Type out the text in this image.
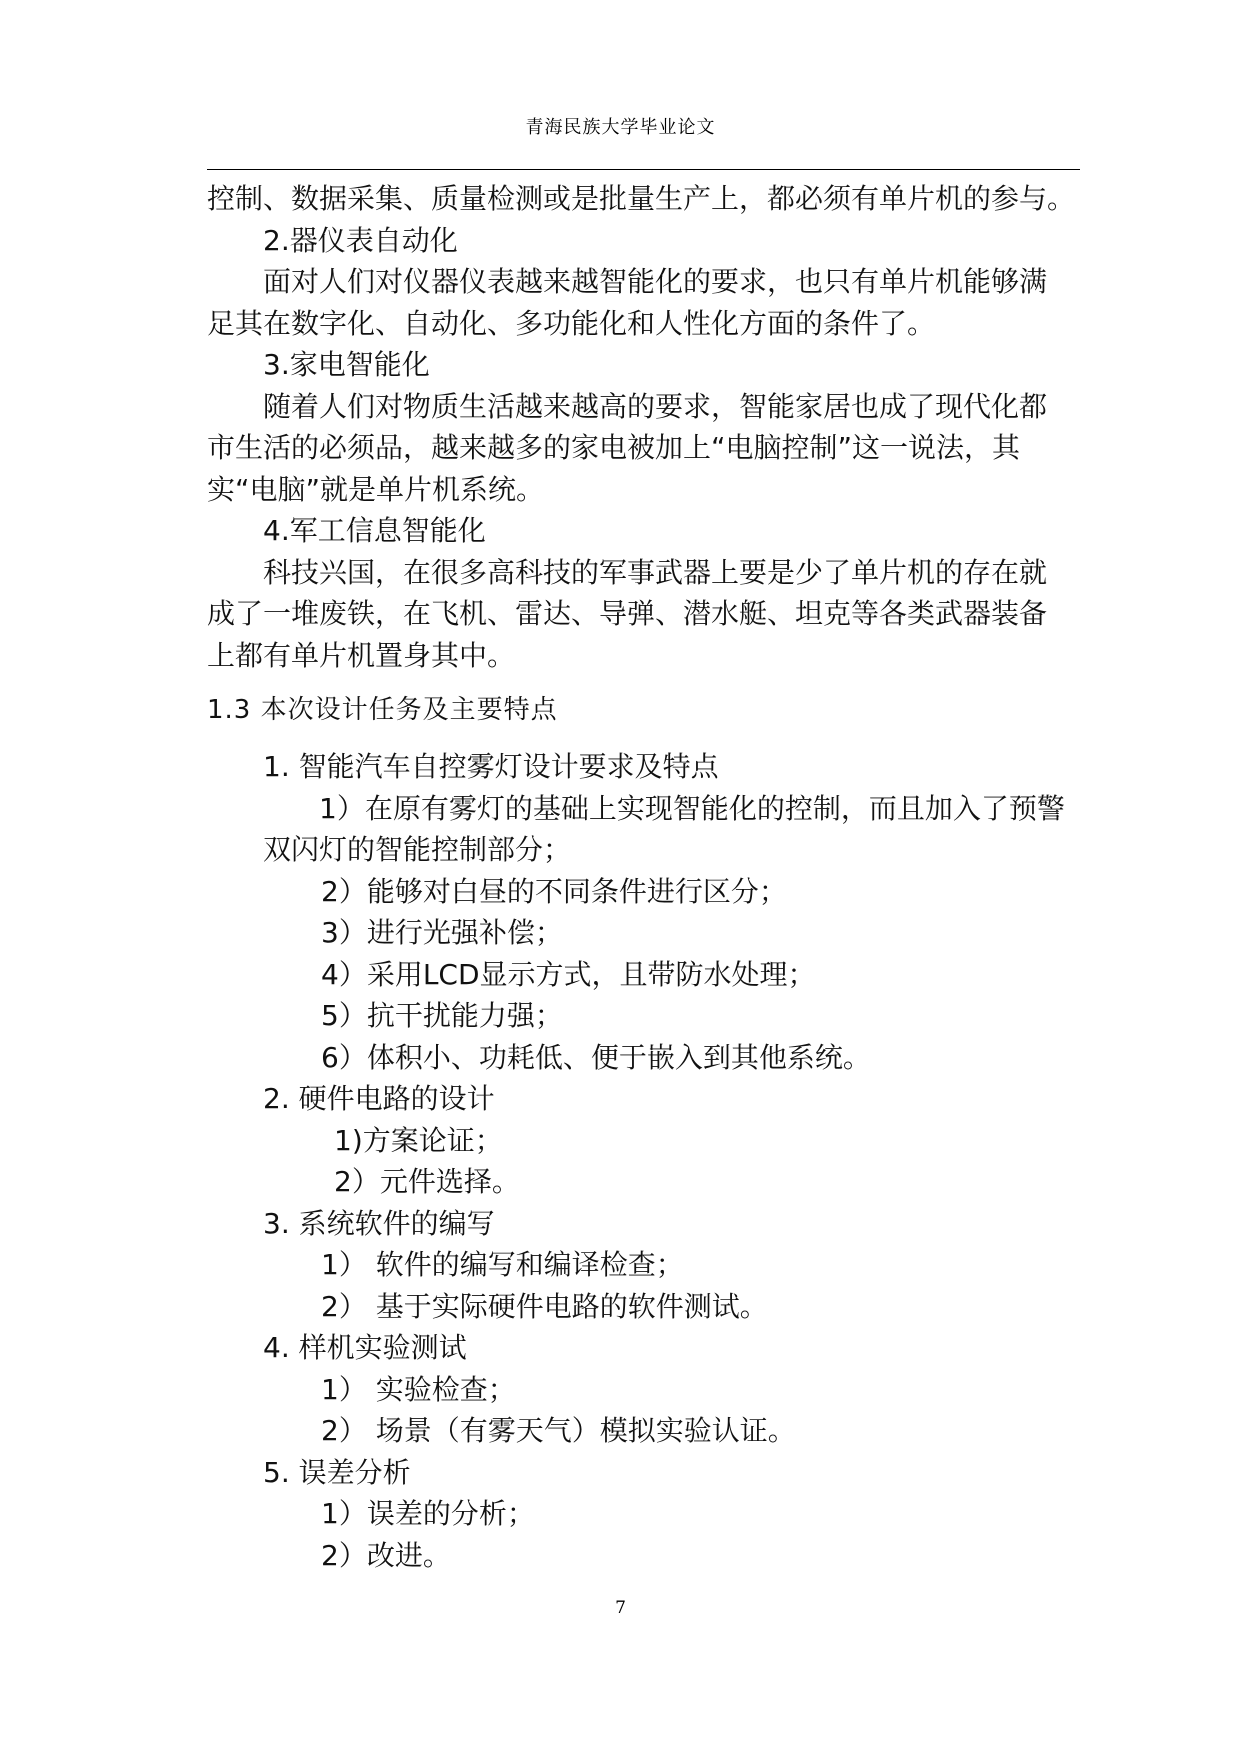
青海民族大学毕业论文
控制、数据采集、质量检测或是批量生产上，都必须有单片机的参与。
2.器仪表自动化
面对人们对仪器仪表越来越智能化的要求，也只有单片机能够满
足其在数字化、自动化、多功能化和人性化方面的条件了。
3.家电智能化
随着人们对物质生活越来越高的要求，智能家居也成了现代化都
市生活的必须品，越来越多的家电被加上“电脑控制”这一说法，其
实“电脑”就是单片机系统。
4.军工信息智能化
科技兴国，在很多高科技的军事武器上要是少了单片机的存在就
成了一堆废铁，在飞机、雷达、导弹、潜水艇、坦克等各类武器装备
上都有单片机置身其中。
1.3 本次设计任务及主要特点
1. 智能汽车自控雾灯设计要求及特点
1）在原有雾灯的基础上实现智能化的控制，而且加入了预警
双闪灯的智能控制部分；
2）能够对白昼的不同条件进行区分；
3）进行光强补偿；
4）采用LCD显示方式，且带防水处理；
5）抗干扰能力强；
6）体积小、功耗低、便于嵌入到其他系统。
2. 硬件电路的设计
1)方案论证；
2）元件选择。
3. 系统软件的编写
1） 软件的编写和编译检查；
2） 基于实际硬件电路的软件测试。
4. 样机实验测试
1） 实验检查；
2） 场景（有雾天气）模拟实验认证。
5. 误差分析
1）误差的分析；
2）改进。
7
